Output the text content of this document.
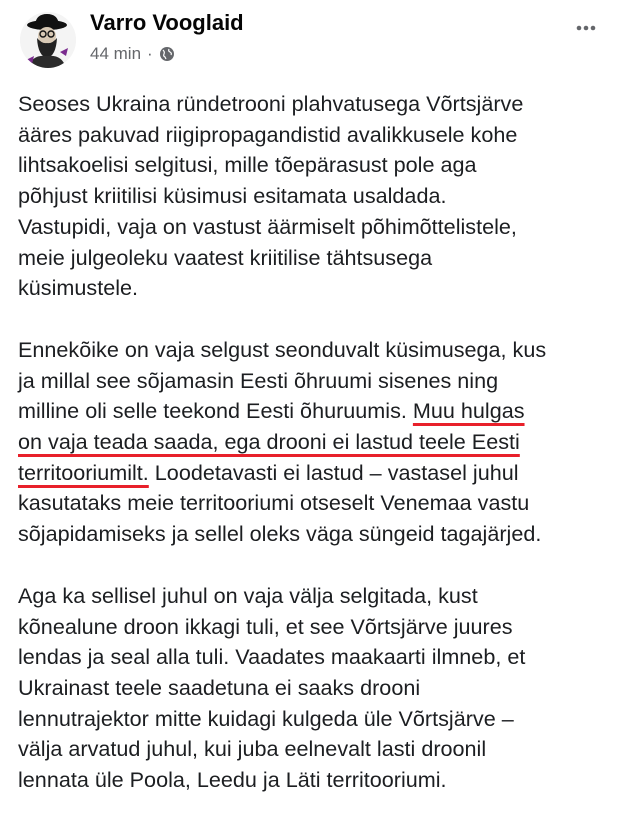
Varro Vooglaid
44 min ·

Seoses Ukraina ründetrooni plahvatusega Võrtsjärve
ääres pakuvad riigipropagandistid avalikkusele kohe
lihtsakoelisi selgitusi, mille tõepärasust pole aga
põhjust kriitilisi küsimusi esitamata usaldada.
Vastupidi, vaja on vastust äärmiselt põhimõttelistele,
meie julgeoleku vaatest kriitilise tähtsusega
küsimustele.

Ennekõike on vaja selgust seonduvalt küsimusega, kus
ja millal see sõjamasin Eesti õhruumi sisenes ning
milline oli selle teekond Eesti õhuruumis. Muu hulgas
on vaja teada saada, ega drooni ei lastud teele Eesti
territooriumilt. Loodetavasti ei lastud – vastasel juhul
kasutataks meie territooriumi otseselt Venemaa vastu
sõjapidamiseks ja sellel oleks väga süngeid tagajärjed.

Aga ka sellisel juhul on vaja välja selgitada, kust
kõnealune droon ikkagi tuli, et see Võrtsjärve juures
lendas ja seal alla tuli. Vaadates maakaarti ilmneb, et
Ukrainast teele saadetuna ei saaks drooni
lennutrajektor mitte kuidagi kulgeda üle Võrtsjärve –
välja arvatud juhul, kui juba eelnevalt lasti droonil
lennata üle Poola, Leedu ja Läti territooriumi.
